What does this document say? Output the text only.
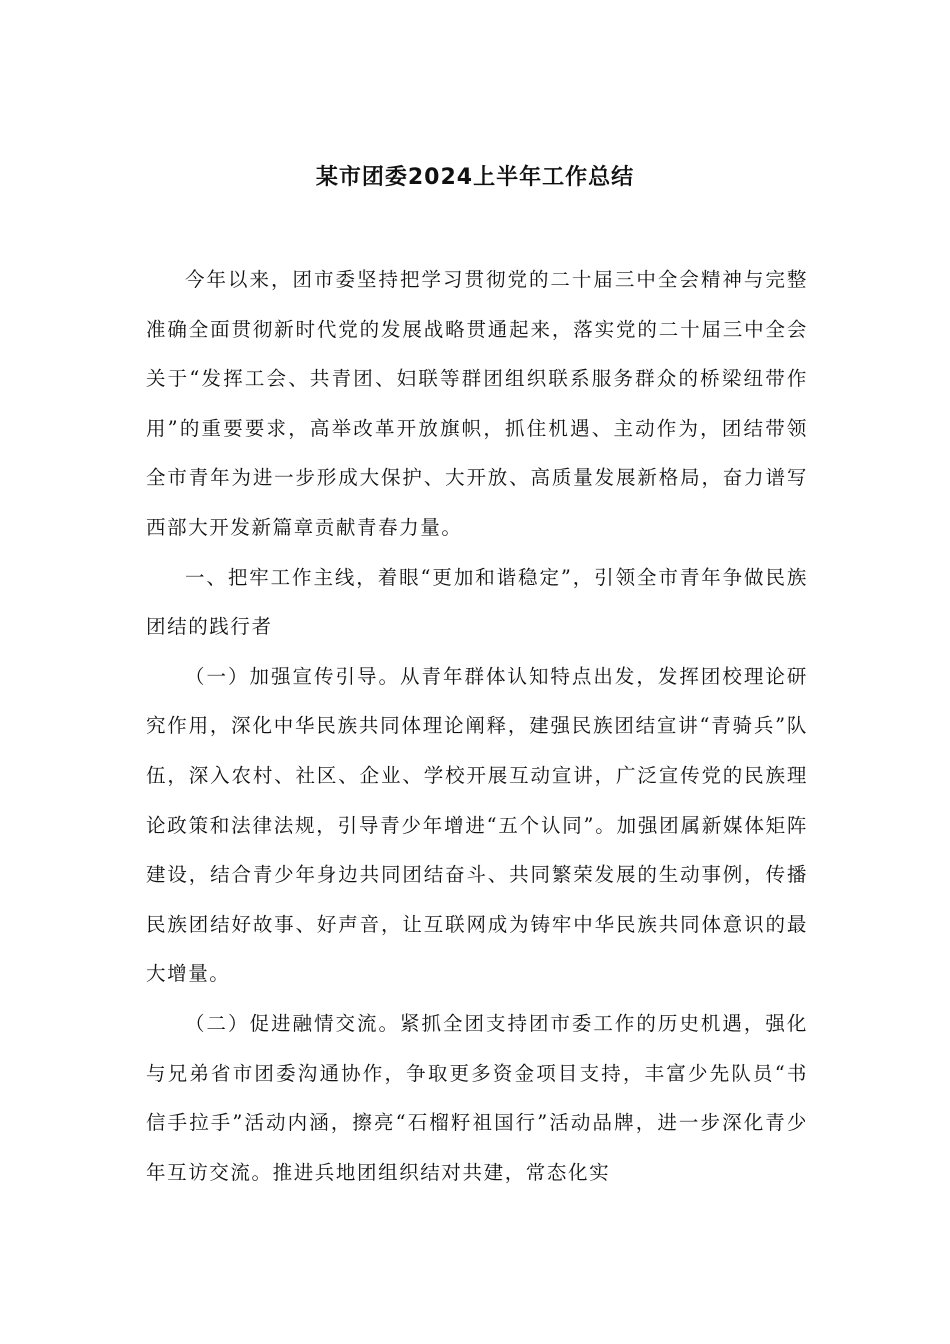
某市团委2024上半年工作总结

今年以来，团市委坚持把学习贯彻党的二十届三中全会精神与完整准确全面贯彻新时代党的发展战略贯通起来，落实党的二十届三中全会关于“发挥工会、共青团、妇联等群团组织联系服务群众的桥梁纽带作用”的重要要求，高举改革开放旗帜，抓住机遇、主动作为，团结带领全市青年为进一步形成大保护、大开放、高质量发展新格局，奋力谱写西部大开发新篇章贡献青春力量。

一、把牢工作主线，着眼“更加和谐稳定”，引领全市青年争做民族团结的践行者

（一）加强宣传引导。从青年群体认知特点出发，发挥团校理论研究作用，深化中华民族共同体理论阐释，建强民族团结宣讲“青骑兵”队伍，深入农村、社区、企业、学校开展互动宣讲，广泛宣传党的民族理论政策和法律法规，引导青少年增进“五个认同”。加强团属新媒体矩阵建设，结合青少年身边共同团结奋斗、共同繁荣发展的生动事例，传播民族团结好故事、好声音，让互联网成为铸牢中华民族共同体意识的最大增量。

（二）促进融情交流。紧抓全团支持团市委工作的历史机遇，强化与兄弟省市团委沟通协作，争取更多资金项目支持，丰富少先队员“书信手拉手”活动内涵，擦亮“石榴籽祖国行”活动品牌，进一步深化青少年互访交流。推进兵地团组织结对共建，常态化实
